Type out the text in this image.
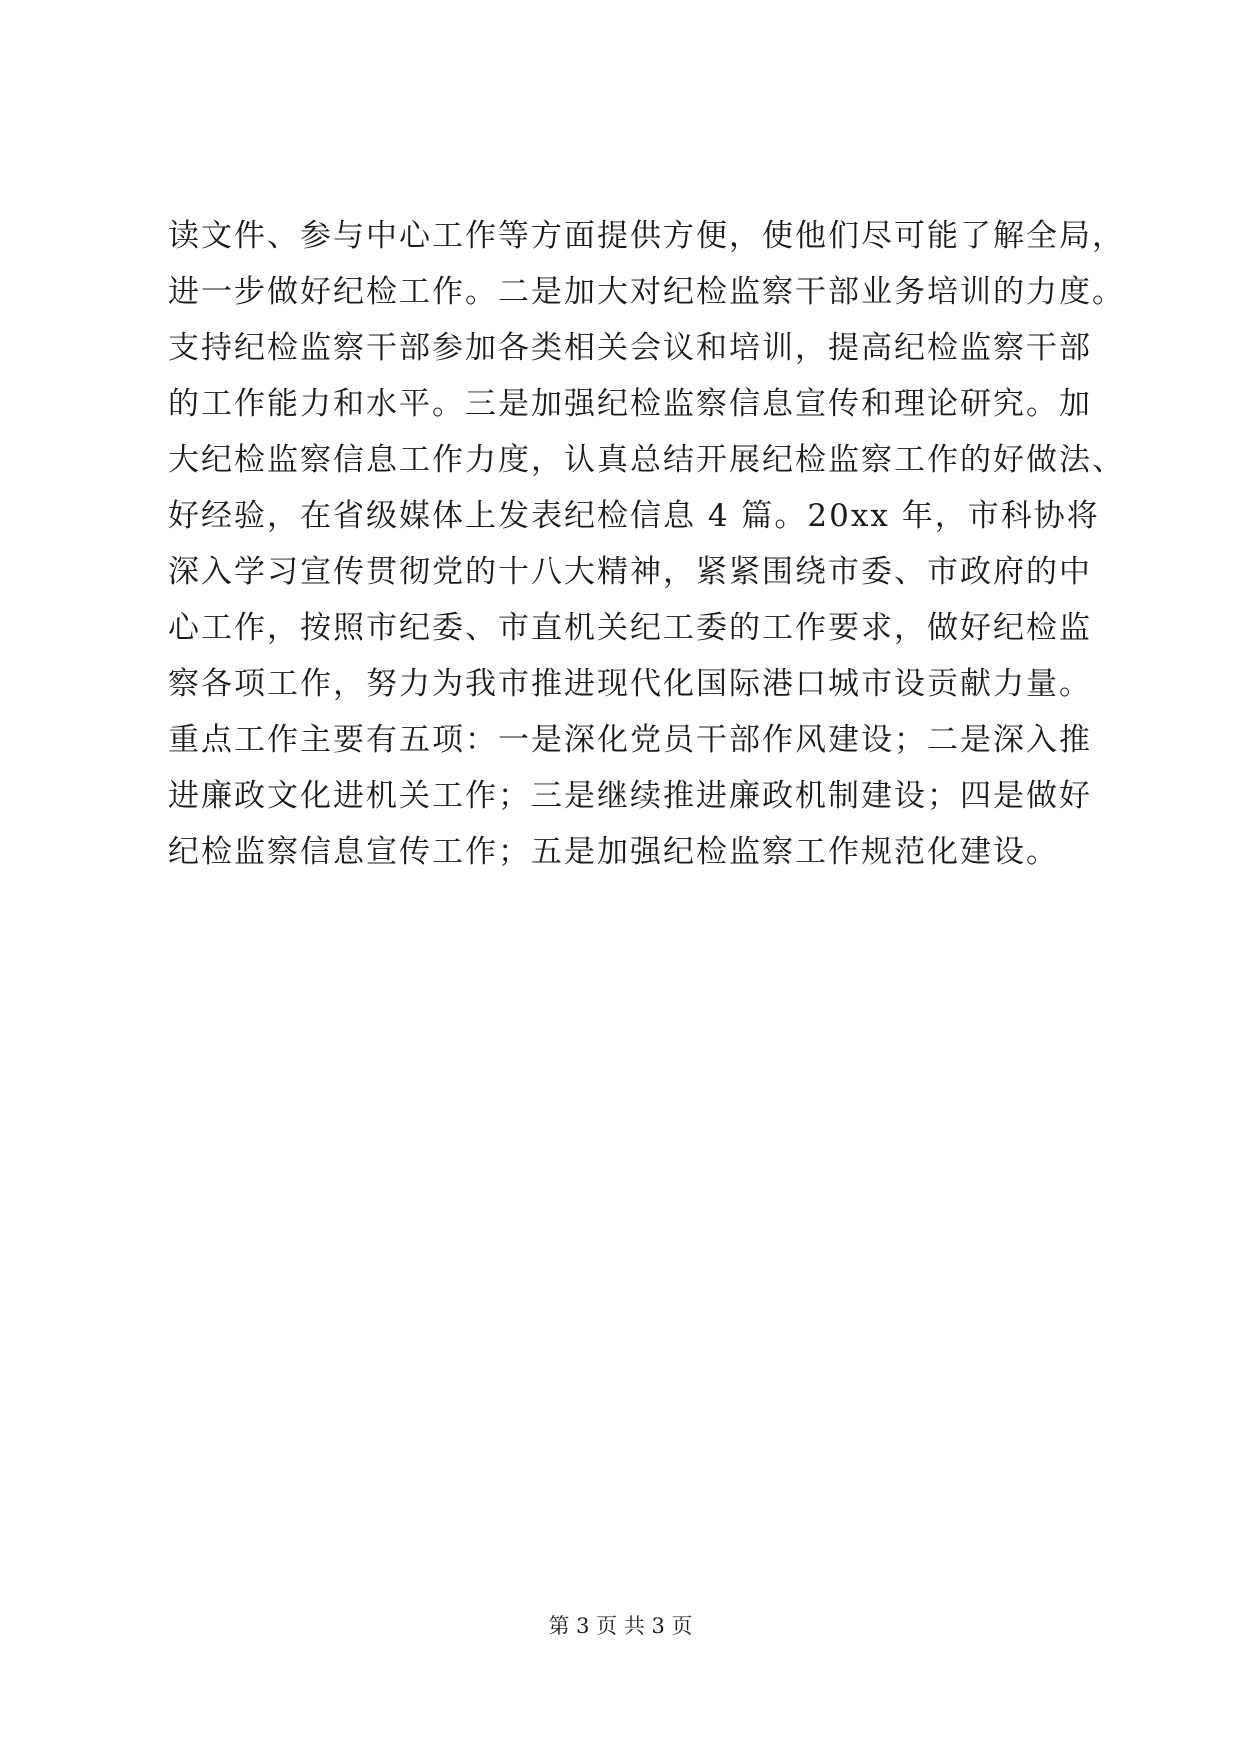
读文件、参与中心工作等方面提供方便，使他们尽可能了解全局，
进一步做好纪检工作。二是加大对纪检监察干部业务培训的力度。
支持纪检监察干部参加各类相关会议和培训，提高纪检监察干部
的工作能力和水平。三是加强纪检监察信息宣传和理论研究。加
大纪检监察信息工作力度，认真总结开展纪检监察工作的好做法、
好经验，在省级媒体上发表纪检信息 4 篇。20xx 年，市科协将
深入学习宣传贯彻党的十八大精神，紧紧围绕市委、市政府的中
心工作，按照市纪委、市直机关纪工委的工作要求，做好纪检监
察各项工作，努力为我市推进现代化国际港口城市设贡献力量。
重点工作主要有五项：一是深化党员干部作风建设；二是深入推
进廉政文化进机关工作；三是继续推进廉政机制建设；四是做好
纪检监察信息宣传工作；五是加强纪检监察工作规范化建设。
第 3 页 共 3 页
